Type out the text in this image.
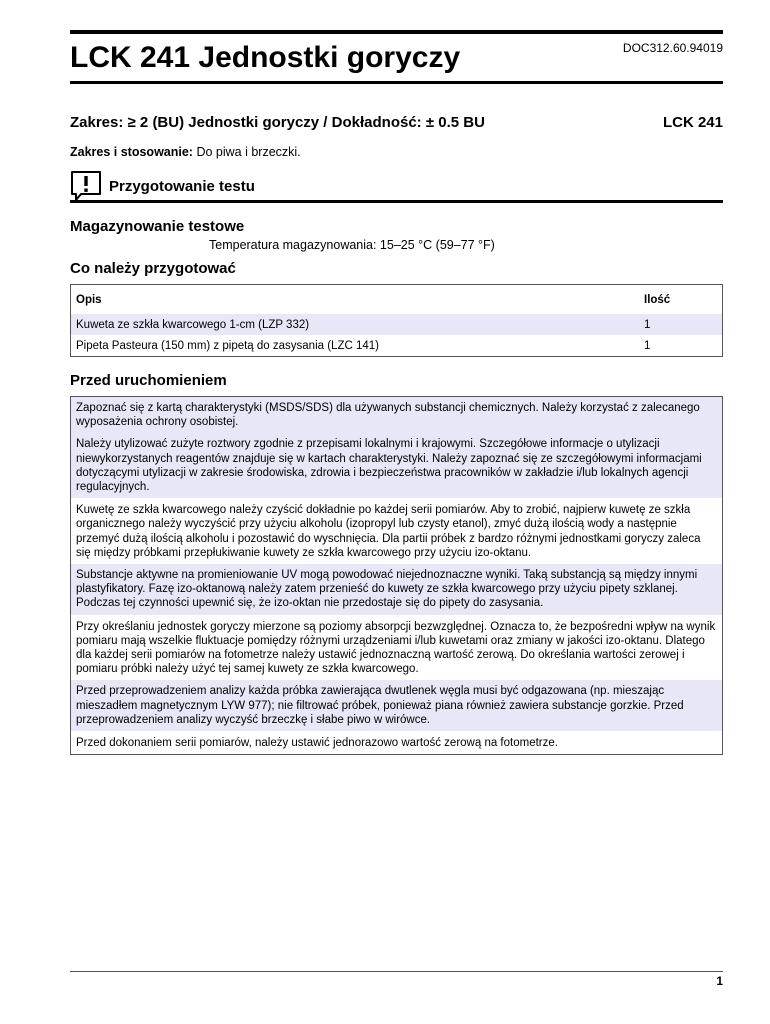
LCK 241 Jednostki goryczy	DOC312.60.94019
Zakres: ≥ 2 (BU) Jednostki goryczy / Dokładność: ± 0.5 BU	LCK 241
Zakres i stosowanie: Do piwa i brzeczki.
Przygotowanie testu
Magazynowanie testowe
Temperatura magazynowania: 15–25 °C (59–77 °F)
Co należy przygotować
Opis	Ilość
Kuweta ze szkła kwarcowego 1-cm (LZP 332)	1
Pipeta Pasteura (150 mm) z pipetą do zasysania (LZC 141)	1
Przed uruchomieniem
Zapoznać się z kartą charakterystyki (MSDS/SDS) dla używanych substancji chemicznych. Należy korzystać z zalecanego wyposażenia ochrony osobistej.
Należy utylizować zużyte roztwory zgodnie z przepisami lokalnymi i krajowymi. Szczegółowe informacje o utylizacji niewykorzystanych reagentów znajduje się w kartach charakterystyki. Należy zapoznać się ze szczegółowymi informacjami dotyczącymi utylizacji w zakresie środowiska, zdrowia i bezpieczeństwa pracowników w zakładzie i/lub lokalnych agencji regulacyjnych.
Kuwetę ze szkła kwarcowego należy czyścić dokładnie po każdej serii pomiarów. Aby to zrobić, najpierw kuwetę ze szkła organicznego należy wyczyścić przy użyciu alkoholu (izopropyl lub czysty etanol), zmyć dużą ilością wody a następnie przemyć dużą ilością alkoholu i pozostawić do wyschnięcia. Dla partii próbek z bardzo różnymi jednostkami goryczy zaleca się między próbkami przepłukiwanie kuwety ze szkła kwarcowego przy użyciu izo-oktanu.
Substancje aktywne na promieniowanie UV mogą powodować niejednoznaczne wyniki. Taką substancją są między innymi plastyfikatory. Fazę izo-oktanową należy zatem przenieść do kuwety ze szkła kwarcowego przy użyciu pipety szklanej. Podczas tej czynności upewnić się, że izo-oktan nie przedostaje się do pipety do zasysania.
Przy określaniu jednostek goryczy mierzone są poziomy absorpcji bezwzględnej. Oznacza to, że bezpośredni wpływ na wynik pomiaru mają wszelkie fluktuacje pomiędzy różnymi urządzeniami i/lub kuwetami oraz zmiany w jakości izo-oktanu. Dlatego dla każdej serii pomiarów na fotometrze należy ustawić jednoznaczną wartość zerową. Do określania wartości zerowej i pomiaru próbki należy użyć tej samej kuwety ze szkła kwarcowego.
Przed przeprowadzeniem analizy każda próbka zawierająca dwutlenek węgla musi być odgazowana (np. mieszając mieszadłem magnetycznym LYW 977); nie filtrować próbek, ponieważ piana również zawiera substancje gorzkie. Przed przeprowadzeniem analizy wyczyść brzeczkę i słabe piwo w wirówce.
Przed dokonaniem serii pomiarów, należy ustawić jednorazowo wartość zerową na fotometrze.
1
